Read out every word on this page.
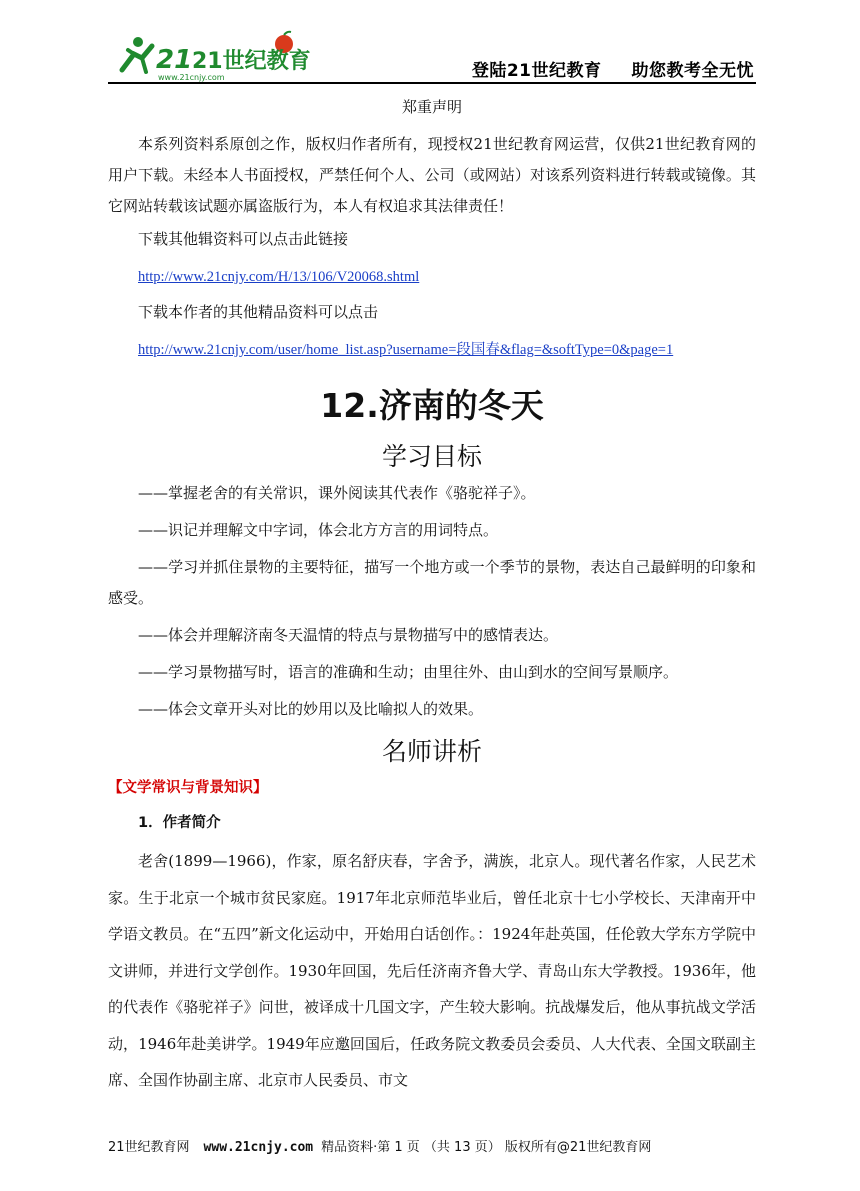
21 21世纪教育
www.21cnjy.com	登陆21世纪教育 助您教考全无忧
郑重声明

本系列资料系原创之作，版权归作者所有，现授权21世纪教育网运营，仅供21世纪教育网的用户下载。未经本人书面授权，严禁任何个人、公司（或网站）对该系列资料进行转载或镜像。其它网站转载该试题亦属盗版行为，本人有权追求其法律责任！

下载其他辑资料可以点击此链接

http://www.21cnjy.com/H/13/106/V20068.shtml

下载本作者的其他精品资料可以点击

http://www.21cnjy.com/user/home_list.asp?username=段国春&flag=&softType=0&page=1
12.济南的冬天
学习目标

——掌握老舍的有关常识，课外阅读其代表作《骆驼祥子》。

——识记并理解文中字词，体会北方方言的用词特点。

——学习并抓住景物的主要特征，描写一个地方或一个季节的景物，表达自己最鲜明的印象和感受。

——体会并理解济南冬天温情的特点与景物描写中的感情表达。

——学习景物描写时，语言的准确和生动；由里往外、由山到水的空间写景顺序。

——体会文章开头对比的妙用以及比喻拟人的效果。

名师讲析

【文学常识与背景知识】

1．作者简介

老舍(1899—1966)，作家，原名舒庆春，字舍予，满族，北京人。现代著名作家，人民艺术家。生于北京一个城市贫民家庭。1917年北京师范毕业后，曾任北京十七小学校长、天津南开中学语文教员。在“五四”新文化运动中，开始用白话创作。：1924年赴英国，任伦敦大学东方学院中文讲师，并进行文学创作。1930年回国，先后任济南齐鲁大学、青岛山东大学教授。1936年，他的代表作《骆驼祥子》问世，被译成十几国文字，产生较大影响。抗战爆发后，他从事抗战文学活动，1946年赴美讲学。1949年应邀回国后，任政务院文教委员会委员、人大代表、全国文联副主席、全国作协副主席、北京市人民委员、市文

21世纪教育网 www.21cnjy.com 精品资料·第 1 页 （共 13 页） 版权所有@21世纪教育网
